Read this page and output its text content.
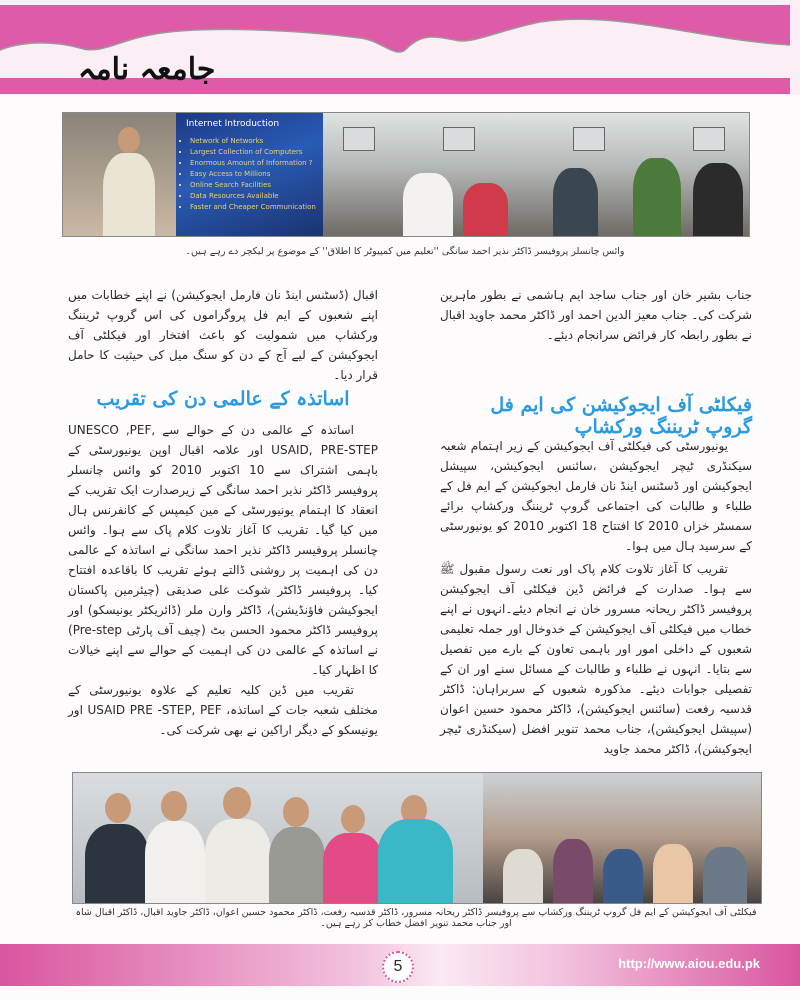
جامعہ نامہ
Internet Introduction
▪ Network of Networks
▪ Largest Collection of Computers
▪ Enormous Amount of Information ?
▪ Easy Access to Millions
▪ Online Search Facilities
▪ Data Resources Available
▪ Faster and Cheaper Communication
وائس چانسلر پروفیسر ڈاکٹر نذیر احمد سانگی ''تعلیم میں کمپیوٹر کا اطلاق'' کے موضوع پر لیکچر دے رہے ہیں۔

جناب بشیر خان اور جناب ساجد ایم ہاشمی نے بطور ماہرین شرکت کی۔ جناب معیز الدین احمد اور ڈاکٹر محمد جاوید اقبال نے بطور رابطہ کار فرائض سرانجام دیئے۔

فیکلٹی آف ایجوکیشن کی ایم فل گروپ ٹریننگ ورکشاپ

یونیورسٹی کی فیکلٹی آف ایجوکیشن کے زیر اہتمام شعبہ سیکنڈری ٹیچر ایجوکیشن ،سائنس ایجوکیشن، سپیشل ایجوکیشن اور ڈسٹنس اینڈ نان فارمل ایجوکیشن کے ایم فل کے طلباء و طالبات کی اجتماعی گروپ ٹریننگ ورکشاپ برائے سمسٹر خزاں 2010 کا افتتاح 18 اکتوبر 2010 کو یونیورسٹی کے سرسید ہال میں ہوا۔

تقریب کا آغاز تلاوت کلام پاک اور نعت رسول مقبول ﷺ سے ہوا۔ صدارت کے فرائض ڈین فیکلٹی آف ایجوکیشن پروفیسر ڈاکٹر ریحانہ مسرور خان نے انجام دیئے۔انہوں نے اپنے خطاب میں فیکلٹی آف ایجوکیشن کے خدوخال اور جملہ تعلیمی شعبوں کے داخلی امور اور باہمی تعاون کے بارے میں تفصیل سے بتایا۔ انہوں نے طلباء و طالبات کے مسائل سنے اور ان کے تفصیلی جوابات دیئے۔ مذکورہ شعبوں کے سربراہان: ڈاکٹر قدسیہ رفعت (سائنس ایجوکیشن)، ڈاکٹر محمود حسین اعوان (سپیشل ایجوکیشن)، جناب محمد تنویر افضل (سیکنڈری ٹیچر ایجوکیشن)، ڈاکٹر محمد جاوید

اقبال (ڈسٹنس اینڈ نان فارمل ایجوکیشن) نے اپنے خطابات میں اپنے شعبوں کے ایم فل پروگراموں کی اس گروپ ٹریننگ ورکشاپ میں شمولیت کو باعث افتخار اور فیکلٹی آف ایجوکیشن کے لیے آج کے دن کو سنگ میل کی حیثیت کا حامل قرار دیا۔

اساتذہ کے عالمی دن کی تقریب

اساتذہ کے عالمی دن کے حوالے سے UNESCO ,PEF, USAID, PRE-STEP اور علامہ اقبال اوپن یونیورسٹی کے باہمی اشتراک سے 10 اکتوبر 2010 کو وائس چانسلر پروفیسر ڈاکٹر نذیر احمد سانگی کے زیرصدارت ایک تقریب کے انعقاد کا اہتمام یونیورسٹی کے مین کیمپس کے کانفرنس ہال میں کیا گیا۔ تقریب کا آغاز تلاوت کلام پاک سے ہوا۔ وائس چانسلر پروفیسر ڈاکٹر نذیر احمد سانگی نے اساتذہ کے عالمی دن کی اہمیت پر روشنی ڈالتے ہوئے تقریب کا باقاعدہ افتتاح کیا۔ پروفیسر ڈاکٹر شوکت علی صدیقی (چیئرمین پاکستان ایجوکیشن فاؤنڈیشن)، ڈاکٹر وارن ملر (ڈائریکٹر یونیسکو) اور پروفیسر ڈاکٹر محمود الحسن بٹ (چیف آف پارٹی Pre-step) نے اساتذہ کے عالمی دن کی اہمیت کے حوالے سے اپنے خیالات کا اظہار کیا۔

تقریب میں ڈین کلیہ تعلیم کے علاوہ یونیورسٹی کے مختلف شعبہ جات کے اساتذہ، USAID PRE -STEP, PEF اور یونیسکو کے دیگر اراکین نے بھی شرکت کی۔

فیکلٹی آف ایجوکیشن کے ایم فل گروپ ٹریننگ ورکشاپ سے پروفیسر ڈاکٹر ریحانہ مسرور، ڈاکٹر قدسیہ رفعت، ڈاکٹر محمود حسین اعوان، ڈاکٹر جاوید اقبال، ڈاکٹر اقبال شاہ اور جناب محمد تنویر افضل خطاب کر رہے ہیں۔
5	http://www.aiou.edu.pk
